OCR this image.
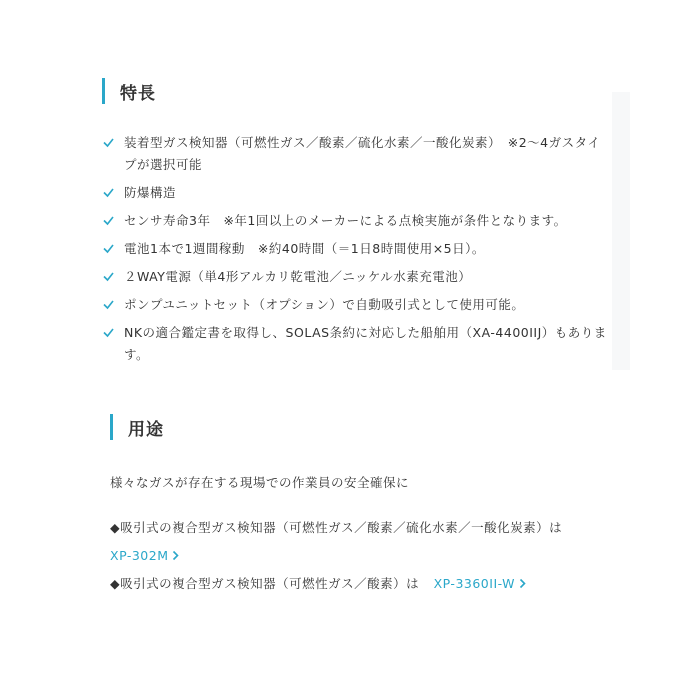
特長
装着型ガス検知器（可燃性ガス／酸素／硫化水素／一酸化炭素）　※2～4ガスタイプが選択可能
防爆構造
センサ寿命3年　※年1回以上のメーカーによる点検実施が条件となります。
電池1本で1週間稼動　※約40時間（＝1日8時間使用×5日）。
２WAY電源（単4形アルカリ乾電池／ニッケル水素充電池）
ポンプユニットセット（オプション）で自動吸引式として使用可能。
NKの適合鑑定書を取得し、SOLAS条約に対応した船舶用（XA-4400IIJ）もあります。
用途
様々なガスが存在する現場での作業員の安全確保に
◆吸引式の複合型ガス検知器（可燃性ガス／酸素／硫化水素／一酸化炭素）は
XP-302M
◆吸引式の複合型ガス検知器（可燃性ガス／酸素）は XP-3360II-W
